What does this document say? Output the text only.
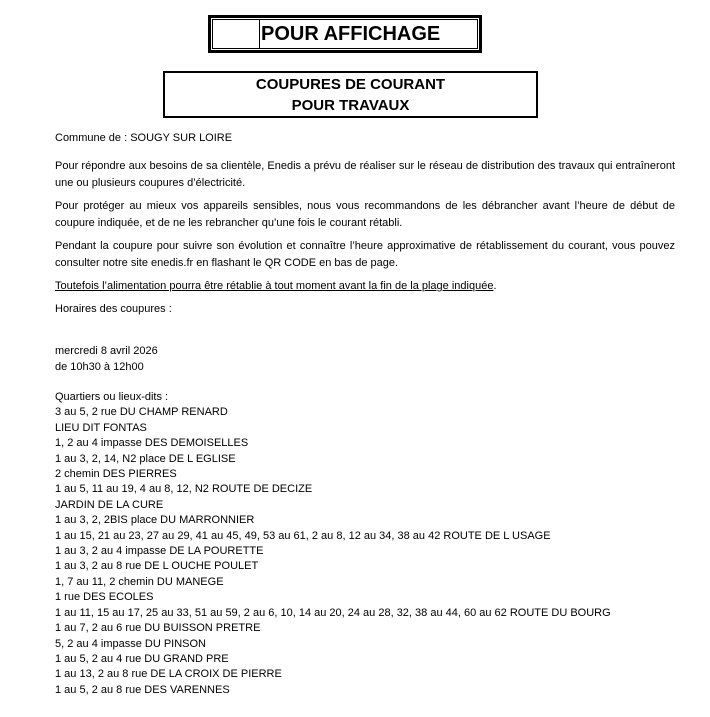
POUR AFFICHAGE
COUPURES DE COURANT
POUR TRAVAUX
Commune de : SOUGY SUR LOIRE
Pour répondre aux besoins de sa clientèle, Enedis a prévu de réaliser sur le réseau de distribution des travaux qui entraîneront une ou plusieurs coupures d’électricité.
Pour protéger au mieux vos appareils sensibles, nous vous recommandons de les débrancher avant l’heure de début de coupure indiquée, et de ne les rebrancher qu’une fois le courant rétabli.
Pendant la coupure pour suivre son évolution et connaître l’heure approximative de rétablissement du courant, vous pouvez consulter notre site enedis.fr en flashant le QR CODE en bas de page.
Toutefois l’alimentation pourra être rétablie à tout moment avant la fin de la plage indiquée.
Horaires des coupures :
mercredi 8 avril 2026
de 10h30 à 12h00
Quartiers ou lieux-dits :
3 au 5, 2 rue DU CHAMP RENARD
LIEU DIT FONTAS
1, 2 au 4 impasse DES DEMOISELLES
1 au 3, 2, 14, N2 place DE L EGLISE
2 chemin DES PIERRES
1 au 5, 11 au 19, 4 au 8, 12, N2 ROUTE DE DECIZE
JARDIN DE LA CURE
1 au 3, 2, 2BIS place DU MARRONNIER
1 au 15, 21 au 23, 27 au 29, 41 au 45, 49, 53 au 61, 2 au 8, 12 au 34, 38 au 42 ROUTE DE L USAGE
1 au 3, 2 au 4 impasse DE LA POURETTE
1 au 3, 2 au 8 rue DE L OUCHE POULET
1, 7 au 11, 2 chemin DU MANEGE
1 rue DES ECOLES
1 au 11, 15 au 17, 25 au 33, 51 au 59, 2 au 6, 10, 14 au 20, 24 au 28, 32, 38 au 44, 60 au 62 ROUTE DU BOURG
1 au 7, 2 au 6 rue DU BUISSON PRETRE
5, 2 au 4 impasse DU PINSON
1 au 5, 2 au 4 rue DU GRAND PRE
1 au 13, 2 au 8 rue DE LA CROIX DE PIERRE
1 au 5, 2 au 8 rue DES VARENNES
